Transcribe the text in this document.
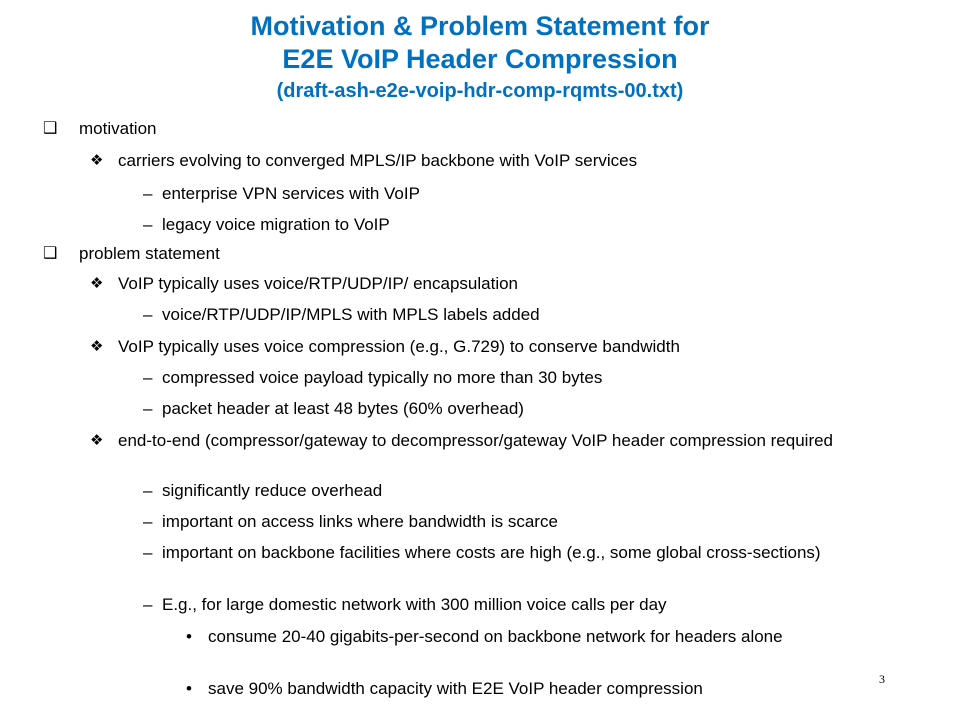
Motivation & Problem Statement for
E2E VoIP Header Compression
(draft-ash-e2e-voip-hdr-comp-rqmts-00.txt)
❑ motivation
❖ carriers evolving to converged MPLS/IP backbone with VoIP services
– enterprise VPN services with VoIP
– legacy voice migration to VoIP
❑ problem statement
❖ VoIP typically uses voice/RTP/UDP/IP/ encapsulation
– voice/RTP/UDP/IP/MPLS with MPLS labels added
❖ VoIP typically uses voice compression (e.g., G.729) to conserve bandwidth
– compressed voice payload typically no more than 30 bytes
– packet header at least 48 bytes (60% overhead)
❖ end-to-end (compressor/gateway to decompressor/gateway VoIP header compression required
– significantly reduce overhead
– important on access links where bandwidth is scarce
– important on backbone facilities where costs are high (e.g., some global cross-sections)
– E.g., for large domestic network with 300 million voice calls per day
• consume 20-40 gigabits-per-second on backbone network for headers alone
• save 90% bandwidth capacity with E2E VoIP header compression	3
